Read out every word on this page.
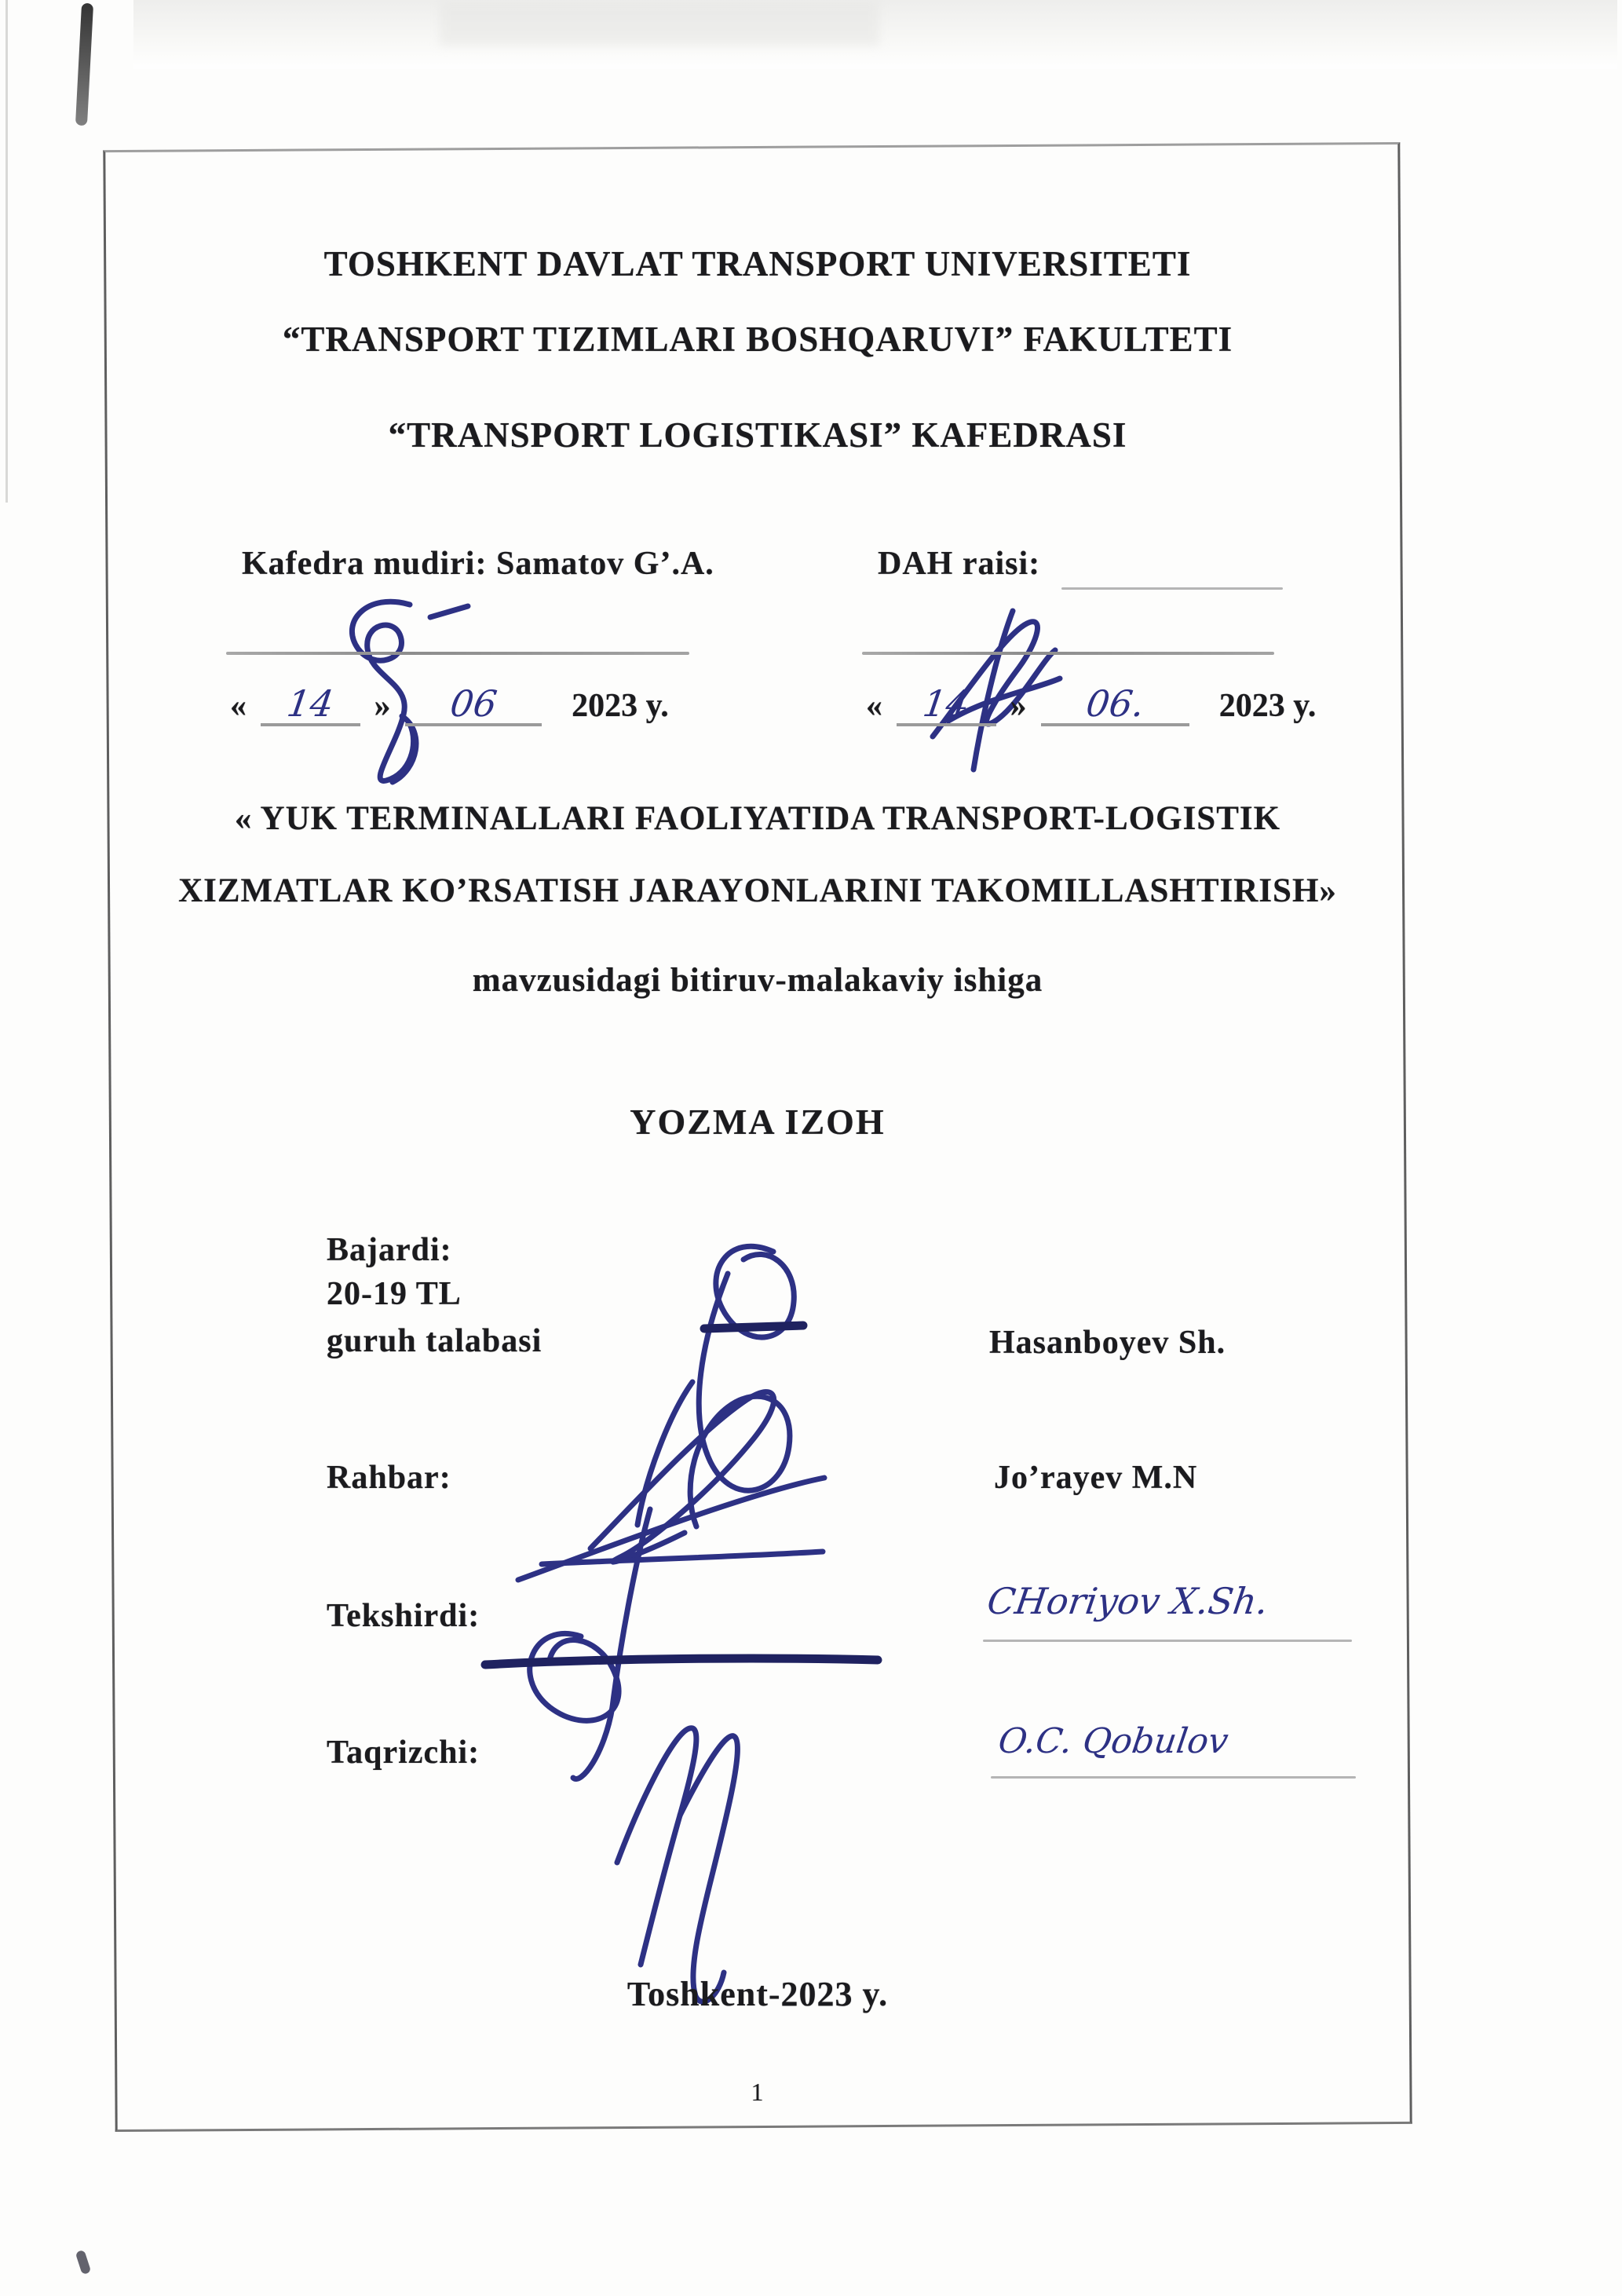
TOSHKENT DAVLAT TRANSPORT UNIVERSITETI
“TRANSPORT TIZIMLARI BOSHQARUVI” FAKULTETI
“TRANSPORT LOGISTIKASI” KAFEDRASI
Kafedra mudiri: Samatov G’.A.	DAH raisi:
«	14	»	06	2023 y.	«	14	»	06.	2023 y.
« YUK TERMINALLARI FAOLIYATIDA TRANSPORT-LOGISTIK
XIZMATLAR KO’RSATISH JARAYONLARINI TAKOMILLASHTIRISH»
mavzusidagi bitiruv-malakaviy ishiga
YOZMA IZOH
Bajardi:
20-19 TL
guruh talabasi	Hasanboyev Sh.
Rahbar:	Jo’rayev M.N
Tekshirdi:	CHoriyov X.Sh.
Taqrizchi:	O.C. Qobulov
Toshkent-2023 y.
1
